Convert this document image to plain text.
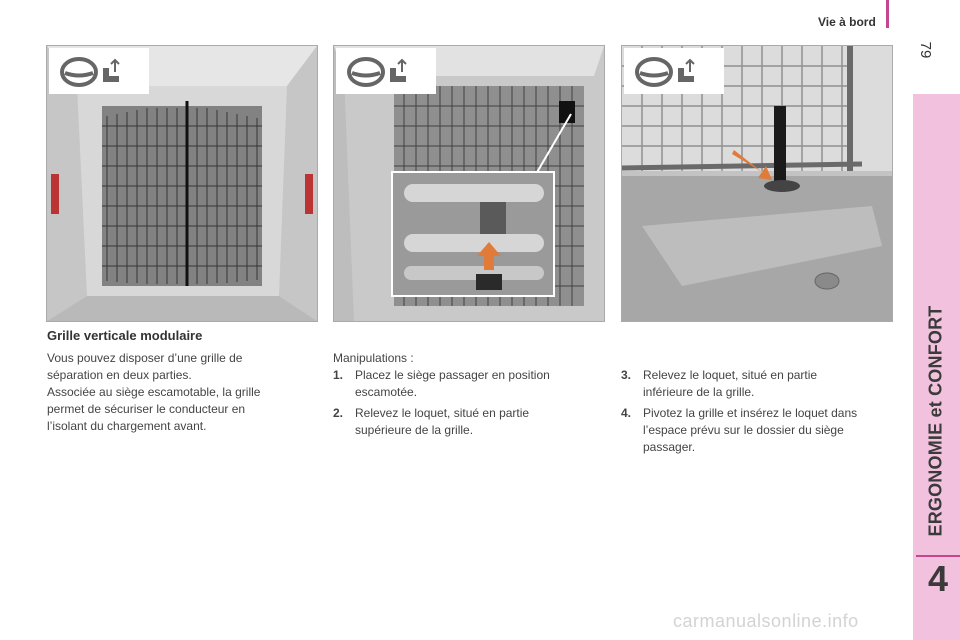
Vie à bord
79
ERGONOMIE et CONFORT
4
Grille verticale modulaire
Vous pouvez disposer d’une grille de
séparation en deux parties.
Associée au siège escamotable, la grille
permet de sécuriser le conducteur en
l’isolant du chargement avant.
Manipulations :
1. Placez le siège passager en position
escamotée.
2. Relevez le loquet, situé en partie
supérieure de la grille.
3. Relevez le loquet, situé en partie
inférieure de la grille.
4. Pivotez la grille et insérez le loquet dans
l’espace prévu sur le dossier du siège
passager.
carmanualsonline.info
